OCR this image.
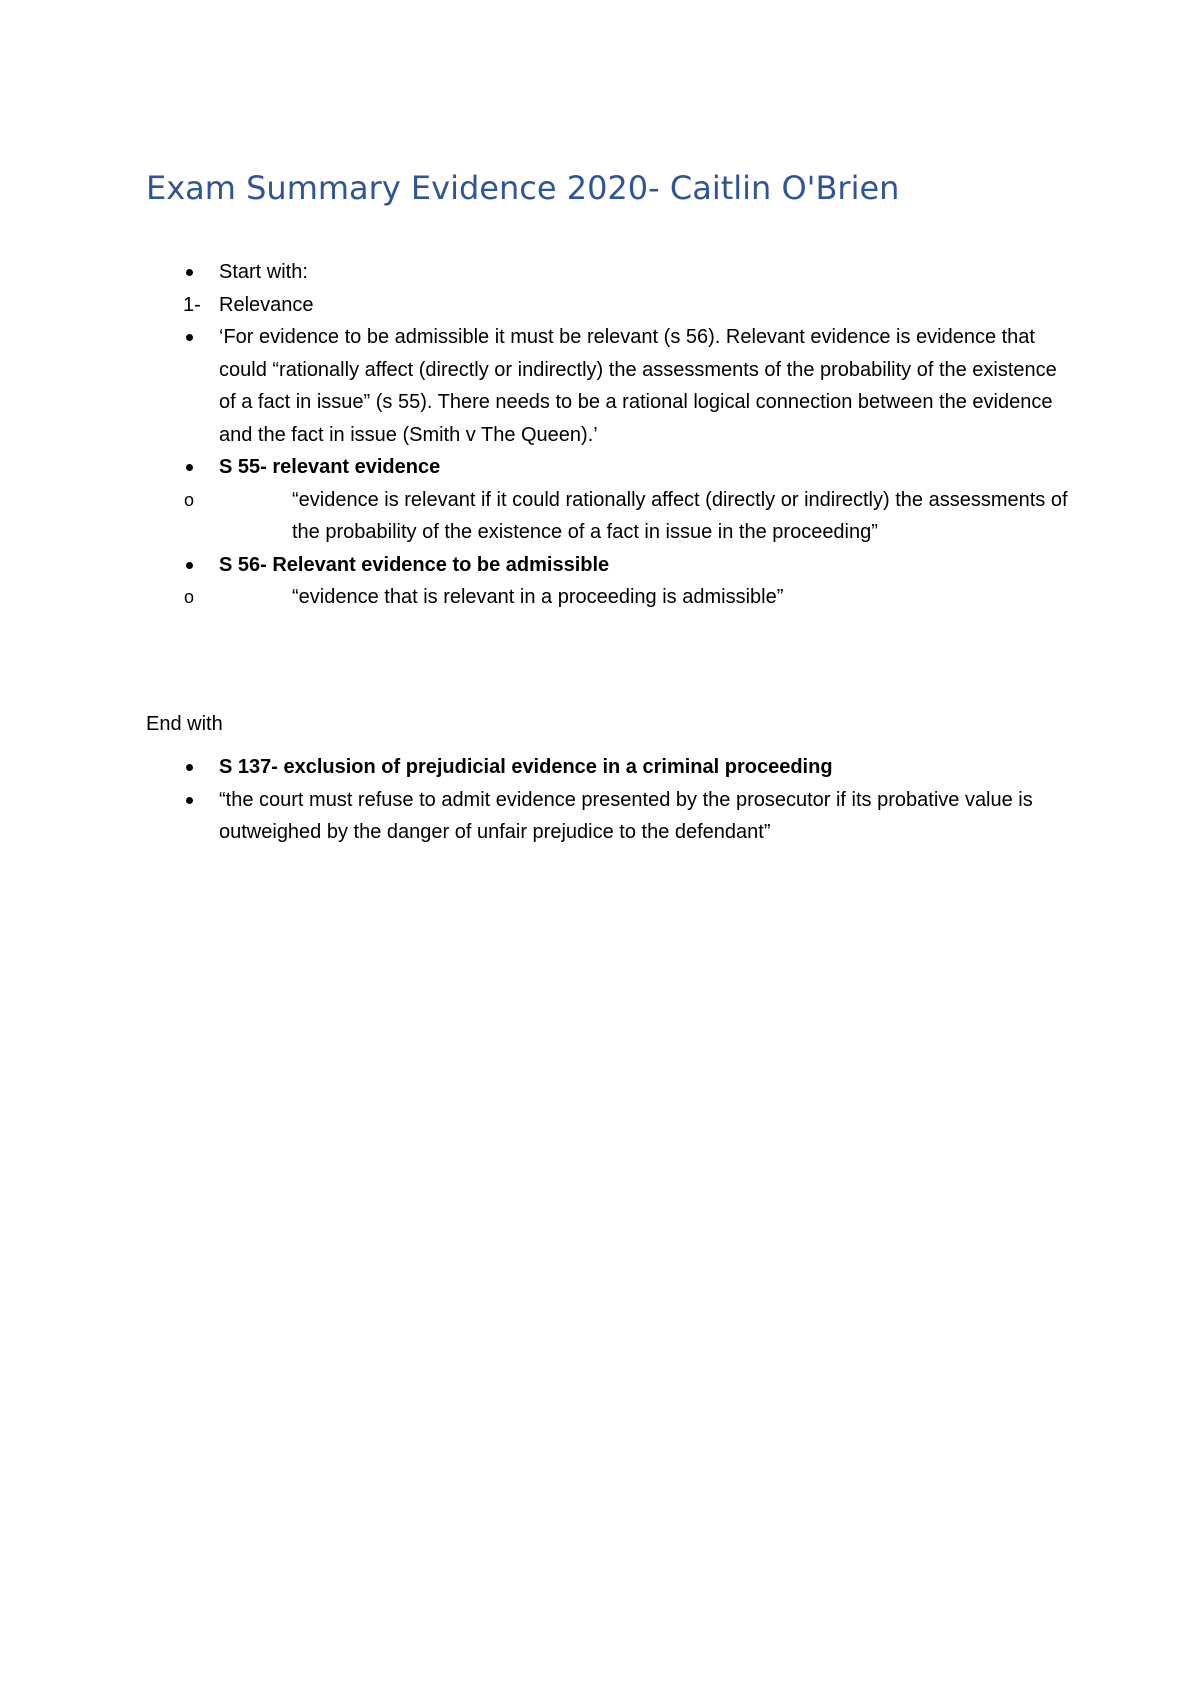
Exam Summary Evidence 2020- Caitlin O'Brien
Start with:
1- Relevance
‘For evidence to be admissible it must be relevant (s 56). Relevant evidence is evidence that could “rationally affect (directly or indirectly) the assessments of the probability of the existence of a fact in issue” (s 55). There needs to be a rational logical connection between the evidence and the fact in issue (Smith v The Queen).’
S 55- relevant evidence
o	“evidence is relevant if it could rationally affect (directly or indirectly) the assessments of the probability of the existence of a fact in issue in the proceeding”
S 56- Relevant evidence to be admissible
o	“evidence that is relevant in a proceeding is admissible”

End with

S 137- exclusion of prejudicial evidence in a criminal proceeding
“the court must refuse to admit evidence presented by the prosecutor if its probative value is outweighed by the danger of unfair prejudice to the defendant”
